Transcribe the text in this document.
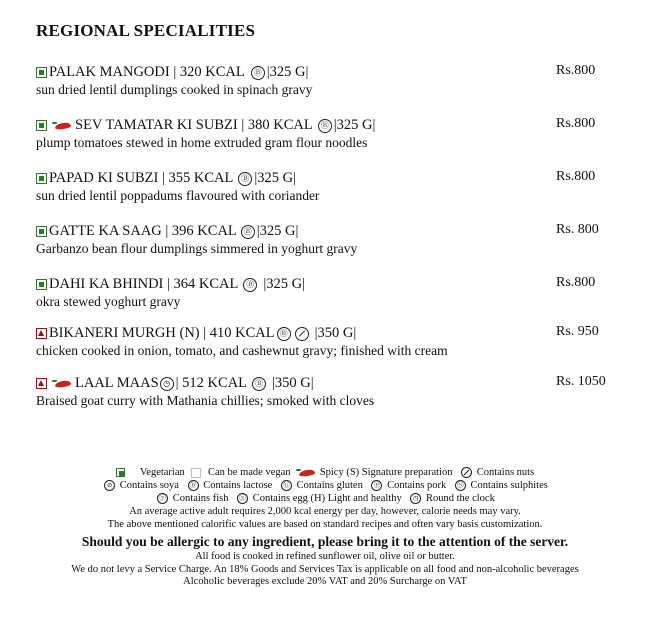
REGIONAL SPECIALITIES
PALAK MANGODI | 320 KCAL	Ⓑ |325 G|	Rs.800
sun dried lentil dumplings cooked in spinach gravy
SEV TAMATAR KI SUBZI | 380 KCAL	Ⓑ |325 G|	Rs.800
plump tomatoes stewed in home extruded gram flour noodles
PAPAD KI SUBZI | 355 KCAL	Ⓑ |325 G|	Rs.800
sun dried lentil poppadums flavoured with coriander
GATTE KA SAAG | 396 KCAL Ⓑ |325 G|	Rs. 800
Garbanzo bean flour dumplings simmered in yoghurt gravy
DAHI KA BHINDI | 364 KCAL	Ⓑ |325 G|	Rs.800
okra stewed yoghurt gravy
BIKANERI MURGH (N) | 410 KCAL Ⓑ |350 G|	Rs. 950
chicken cooked in onion, tomato, and cashewnut gravy; finished with cream
LAAL MAAS ◷ | 512 KCAL	Ⓑ |350 G|	Rs. 1050
Braised goat curry with Mathania chillies; smoked with cloves
Vegetarian Can be made vegan	Spicy (S) Signature preparation Contains nuts
⊘ Contains soya Ⓑ Contains lactose Ⓖ Contains gluten Ⓟ Contains pork Ⓢ Contains sulphites
Ⓕ Contains fish Ⓔ Contains egg (H) Light and healthy ◷ Round the clock
An average active adult requires 2,000 kcal energy per day, however, calorie needs may vary.
The above mentioned calorific values are based on standard recipes and often vary basis customization.
Should you be allergic to any ingredient, please bring it to the attention of the server.
All food is cooked in refined sunflower oil, olive oil or butter.
We do not levy a Service Charge. An 18% Goods and Services Tax is applicable on all food and non-alcoholic beverages
Alcoholic beverages exclude 20% VAT and 20% Surcharge on VAT
